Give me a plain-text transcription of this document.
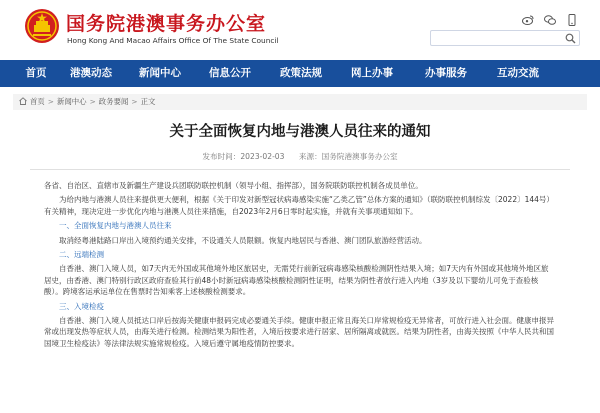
国务院港澳事务办公室
Hong Kong And Macao Affairs Office Of The State Council
首页	港澳动态	新闻中心	信息公开	政策法规	网上办事	办事服务	互动交流
首页 > 新闻中心 > 政务要闻 > 正文
关于全面恢复内地与港澳人员往来的通知
发布时间：2023-02-03 来源：国务院港澳事务办公室
各省、自治区、直辖市及新疆生产建设兵团联防联控机制（领导小组、指挥部），国务院联防联控机制各成员单位。
为给内地与港澳人员往来提供更大便利，根据《关于印发对新型冠状病毒感染实施“乙类乙管”总体方案的通知》（联防联控机制综发〔2022〕144号）有关精神，现决定进一步优化内地与港澳人员往来措施，自2023年2月6日零时起实施，并就有关事项通知如下。
一、全面恢复内地与港澳人员往来
取消经粤港陆路口岸出入境预约通关安排，不设通关人员限额。恢复内地居民与香港、澳门团队旅游经营活动。
二、远端检测
自香港、澳门入境人员，如7天内无外国或其他境外地区旅居史，无需凭行前新冠病毒感染核酸检测阴性结果入境；如7天内有外国或其他境外地区旅居史，由香港、澳门特别行政区政府查验其行前48小时新冠病毒感染核酸检测阴性证明，结果为阴性者放行进入内地（3岁及以下婴幼儿可免于查验核酸）。跨境客运承运单位在售票时告知乘客上述核酸检测要求。
三、入境检疫
自香港、澳门入境人员抵达口岸后按海关健康申报码完成必要通关手续。健康申报正常且海关口岸常规检疫无异常者，可放行进入社会面。健康申报异常或出现发热等症状人员，由海关进行检测。检测结果为阳性者，入境后按要求进行居家、居所隔离或就医。结果为阴性者，由海关按照《中华人民共和国国境卫生检疫法》等法律法规实施常规检疫。入境后遵守属地疫情防控要求。
